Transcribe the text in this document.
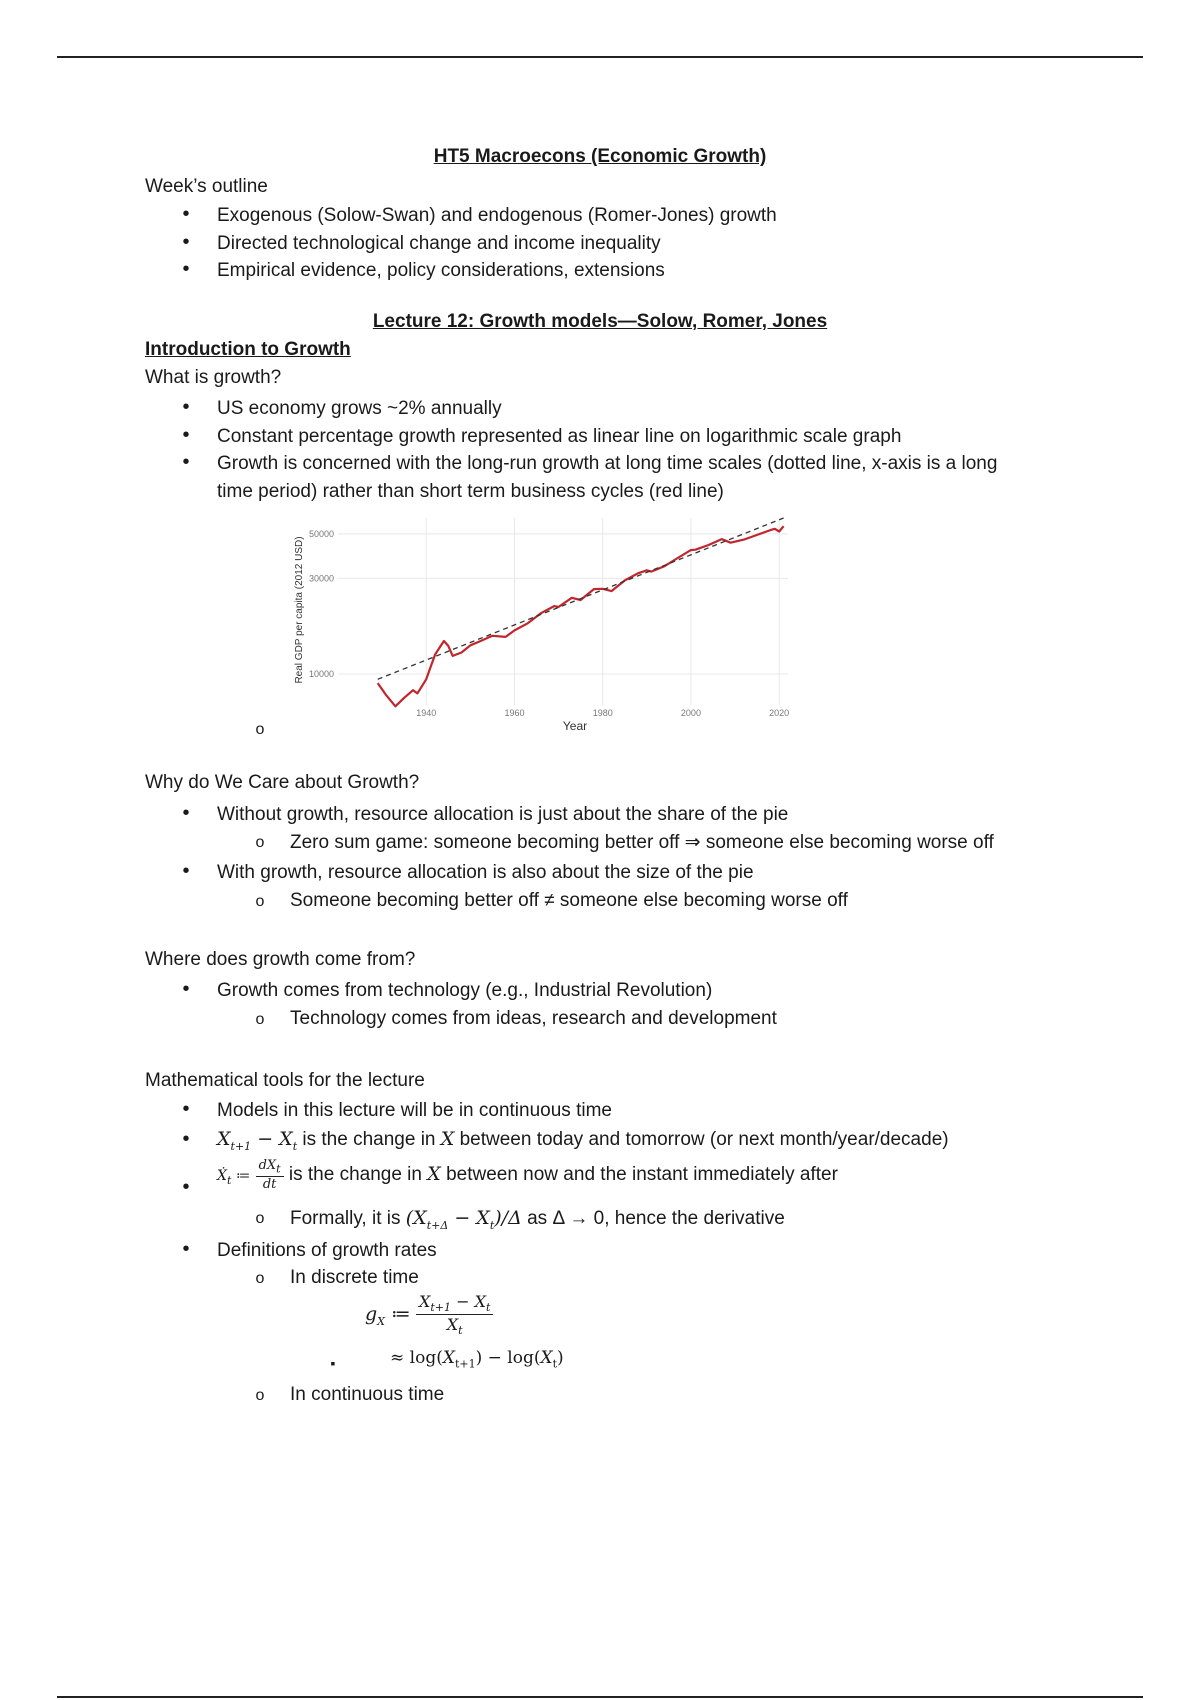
HT5 Macroecons (Economic Growth)
Week’s outline
•
Exogenous (Solow-Swan) and endogenous (Romer-Jones) growth
•
Directed technological change and income inequality
•
Empirical evidence, policy considerations, extensions
Lecture 12: Growth models—Solow, Romer, Jones
Introduction to Growth
What is growth?
•
US economy grows ~2% annually
•
Constant percentage growth represented as linear line on logarithmic scale graph
•
Growth is concerned with the long-run growth at long time scales (dotted line, x-axis is a long
time period) rather than short term business cycles (red line)
o
1940	1960	1980	2000	2020
10000
30000
50000
Year
Real GDP per capita (2012 USD)
Why do We Care about Growth?
•
Without growth, resource allocation is just about the share of the pie
o
Zero sum game: someone becoming better off ⇒ someone else becoming worse off
•
With growth, resource allocation is also about the size of the pie
o
Someone becoming better off ≠ someone else becoming worse off
Where does growth come from?
•
Growth comes from technology (e.g., Industrial Revolution)
o
Technology comes from ideas, research and development
Mathematical tools for the lecture
•
Models in this lecture will be in continuous time
•
$X_{t+1} - X_t$ is the change in X between today and tomorrow (or next month/year/decade)
•
Ẋ$_t$ ≔ $\frac{dX_t}{dt}$ is the change in X between now and the instant immediately after
o
Formally, it is $(X_{t+\Delta} - X_t)/\Delta$ as Δ → 0, hence the derivative
•
Definitions of growth rates
o
In discrete time
$g_X$ ≔ $\frac{X_{t+1} - X_t}{X_t}$
▪
≈ $\log(X_{t+1}) - \log(X_t)$
o
In continuous time
